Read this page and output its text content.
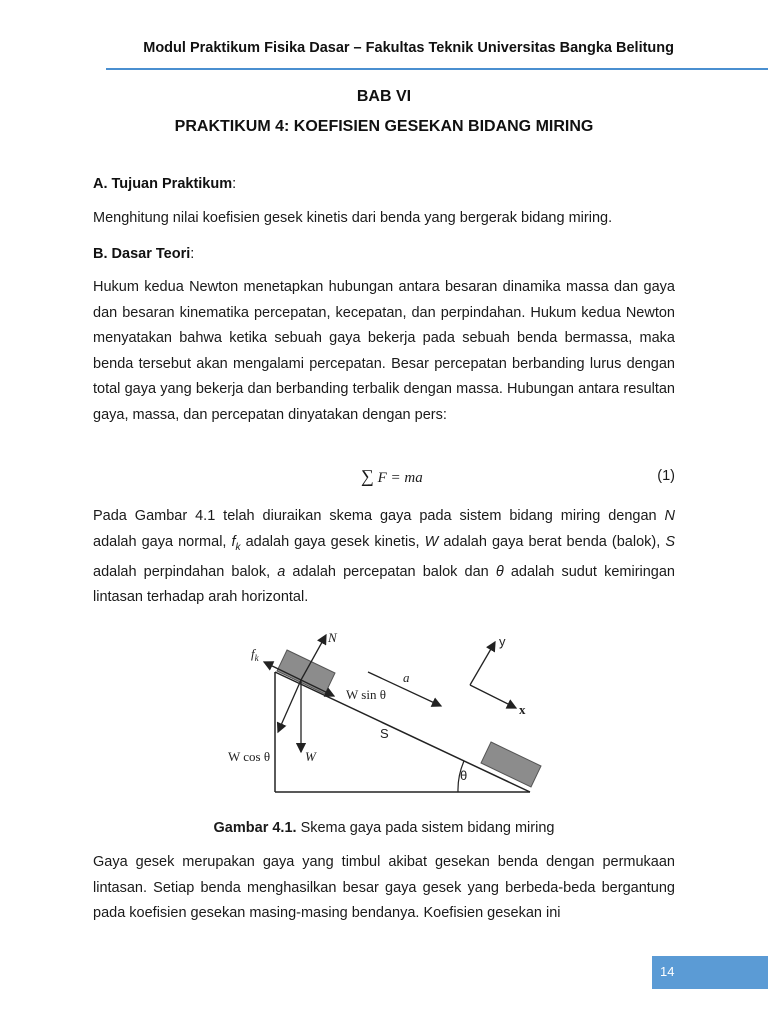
Modul Praktikum Fisika Dasar – Fakultas Teknik Universitas Bangka Belitung
BAB VI
PRAKTIKUM 4: KOEFISIEN GESEKAN BIDANG MIRING
A. Tujuan Praktikum:
Menghitung nilai koefisien gesek kinetis dari benda yang bergerak bidang miring.
B. Dasar Teori:
Hukum kedua Newton menetapkan hubungan antara besaran dinamika massa dan gaya dan besaran kinematika percepatan, kecepatan, dan perpindahan. Hukum kedua Newton menyatakan bahwa ketika sebuah gaya bekerja pada sebuah benda bermassa, maka benda tersebut akan mengalami percepatan. Besar percepatan berbanding lurus dengan total gaya yang bekerja dan berbanding terbalik dengan massa. Hubungan antara resultan gaya, massa, dan percepatan dinyatakan dengan pers:
∑ F = ma	(1)
Pada Gambar 4.1 telah diuraikan skema gaya pada sistem bidang miring dengan N adalah gaya normal, $f_k$ adalah gaya gesek kinetis, W adalah gaya berat benda (balok), S adalah perpindahan balok, a adalah percepatan balok dan θ adalah sudut kemiringan lintasan terhadap arah horizontal.
$f_k$
N
W sin θ
a
y
x
S
W cos θ	W
θ
Gambar 4.1. Skema gaya pada sistem bidang miring
Gaya gesek merupakan gaya yang timbul akibat gesekan benda dengan permukaan lintasan. Setiap benda menghasilkan besar gaya gesek yang berbeda-beda bergantung pada koefisien gesekan masing-masing bendanya. Koefisien gesekan ini
14
